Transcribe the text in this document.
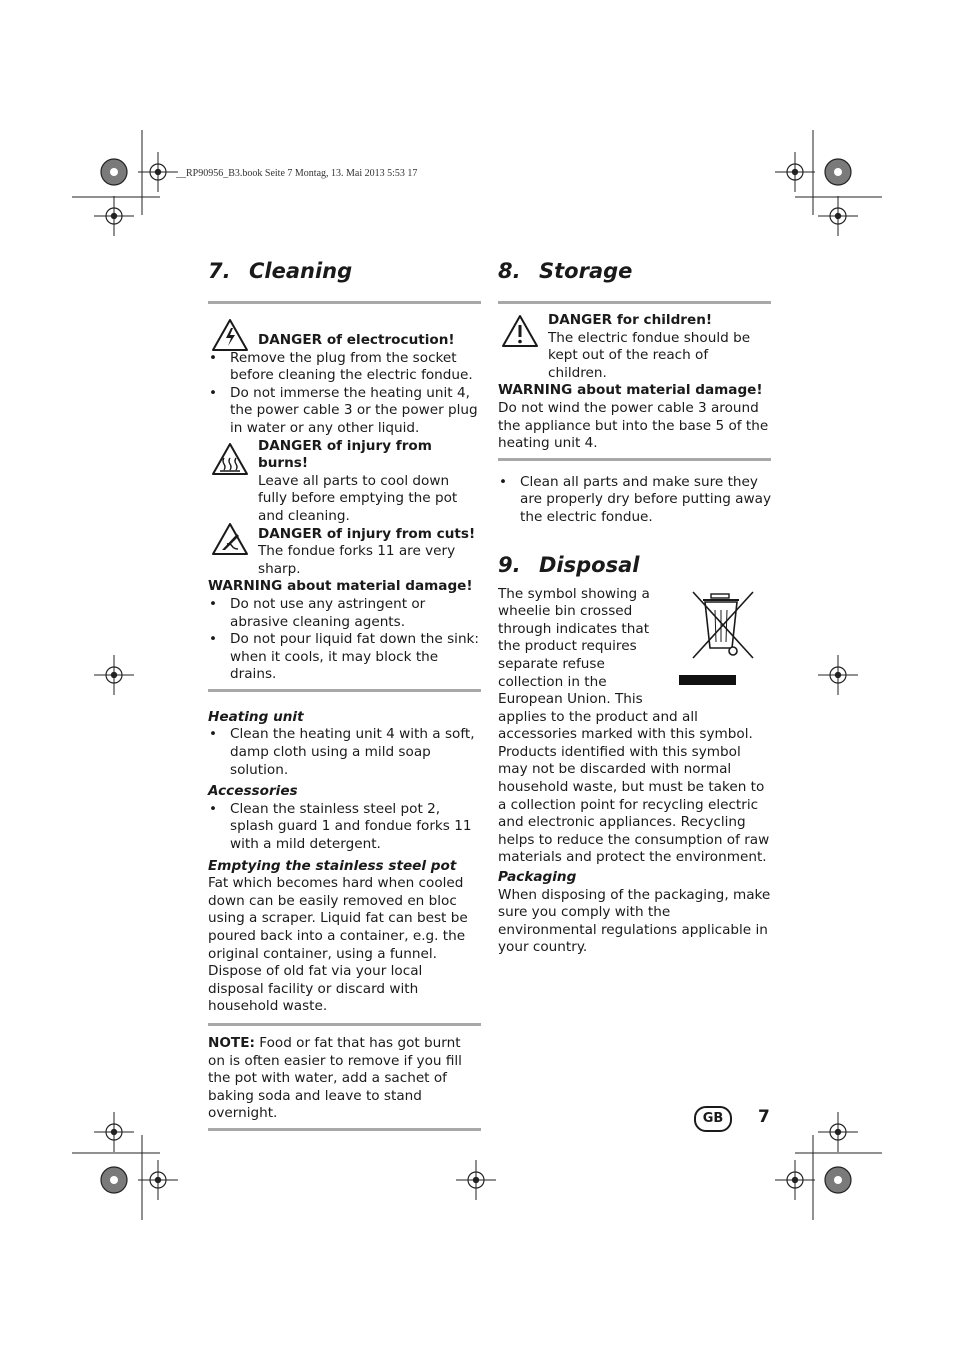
__RP90956_B3.book Seite 7 Montag, 13. Mai 2013 5:53 17
7. Cleaning

DANGER of electrocution!

• Remove the plug from the socket before cleaning the electric fondue.
• Do not immerse the heating unit 4, the power cable 3 or the power plug in water or any other liquid.

DANGER of injury from burns!

Leave all parts to cool down fully before emptying the pot and cleaning.

DANGER of injury from cuts!

The fondue forks 11 are very sharp.

WARNING about material damage!

• Do not use any astringent or abrasive cleaning agents.
• Do not pour liquid fat down the sink: when it cools, it may block the drains.

Heating unit

• Clean the heating unit 4 with a soft, damp cloth using a mild soap solution.

Accessories

• Clean the stainless steel pot 2, splash guard 1 and fondue forks 11 with a mild detergent.

Emptying the stainless steel pot

Fat which becomes hard when cooled down can be easily removed en bloc using a scraper. Liquid fat can best be poured back into a container, e.g. the original container, using a funnel. Dispose of old fat via your local disposal facility or discard with household waste.

NOTE: Food or fat that has got burnt on is often easier to remove if you fill the pot with water, add a sachet of baking soda and leave to stand overnight.

8. Storage

DANGER for children!

The electric fondue should be kept out of the reach of children.

WARNING about material damage!

Do not wind the power cable 3 around the appliance but into the base 5 of the heating unit 4.

• Clean all parts and make sure they are properly dry before putting away the electric fondue.
9. Disposal

The symbol showing a wheelie bin crossed through indicates that the product requires separate refuse collection in the European Union. This applies to the product and all accessories marked with this symbol. Products identified with this symbol may not be discarded with normal household waste, but must be taken to a collection point for recycling electric and electronic appliances. Recycling helps to reduce the consumption of raw materials and protect the environment.

Packaging

When disposing of the packaging, make sure you comply with the environmental regulations applicable in your country.

GB 7
